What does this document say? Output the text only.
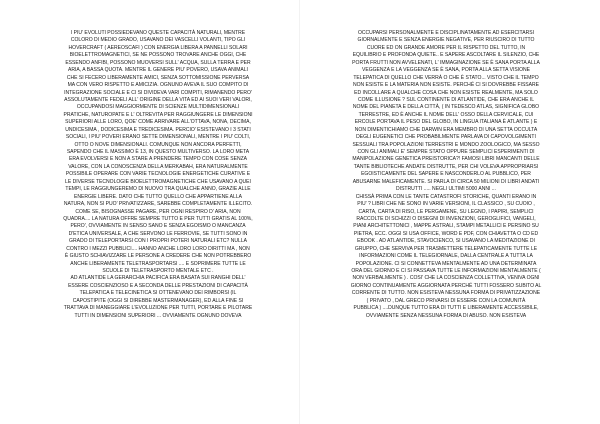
I PIU' EVOLUTI POSSIEDEVANO QUESTE CAPACITÀ NATURALI, MENTRE
COLORO DI MEDIO GRADO, USAVANO DEI VASCELLI VOLANTI, TIPO GLI
HOVERCRAFT ( AEREOSCAFI ) CON ENERGIA LIBERA A PANNELLI SOLARI
BIOELETTROMAGNETICI, SE NE POSSONO TROVARE ANCHE OGGI, CHE
ESSENDO ANFIBI, POSSONO MUOVERSI SULL' ACQUA, SULLA TERRA E PER
ARIA, A BASSA QUOTA. MENTRE IL GENERE PIU' POVERO, USAVA ANIMALI
CHE SI FECERO LIBERAMENTE AMICI, SENZA SOTTOMISSIONE PERVERSA
MA CON VERO RISPETTO E AMICIZIA. OGNUNO AVEVA IL SUO COMPITO DI
INTEGRAZIONE SOCIALE E CI SI DIVIDEVA VARI COMPITI, RIMANENDO PERO'
ASSOLUTAMENTE FEDELI ALL' ORIGINE DELLA VITA ED AI SUOI VERI VALORI,
OCCUPANDOSI MAGGIORMENTE DI SCIENZE MULTIDIMENSIONALI
PRATICHE, NATUROPATE E L' OLTREVITA PER RAGGIUNGERE LE DIMENSIONI
SUPERIORI ALLE LORO, QOE' COME ARRIVARE ALL'OTTAVA, NONA, DECIMA,
UNDICESIMA , DODICESIMA E TREDICESIMA. PERCIO' ESISTEVANO I 3 STATI
SOCIALI, I PIU' POVERI ERANO SETTE DIMENSIONALI, MENTRE I PIU' COLTI,
OTTO O NOVE DIMENSIONALI. COMUNQUE NON ANCORA PERFETTI,
SAPENDO CHE IL MASSIMO È 13, IN QUESTO MULTIVERSO. LA LORO META
ERA EVOLVERSI E NON A STARE A PRENDERE TEMPO CON COSE SENZA
VALORE, CON LA CONOSCENZA DELLA MERKABAH, ERA NATURALMENTE
POSSIBILE OPERARE CON VARIE TECNOLOGIE ENERGETICHE CURATIVE E
LE DIVERSE TECNOLOGIE BIOELETTROMAGNETICHE CHE USAVANO A QUEI
TEMPI, LE RAGGIUNGEREMO DI NUOVO TRA QUALCHE ANNO, GRAZIE ALLE
ENERGIE LIBERE. DATO CHE TUTTO QUELLO CHE APPARTIENE ALLA
NATURA, NON SI PUO' PRIVATIZZARE, SAREBBE COMPLETAMENTE ILLECITO.
COME SE, BISOGNASSE PAGARE, PER OGNI RESPIRO D' ARIA, NON
QUADRA.... LA NATURA OFFRE SEMPRE TUTTO E PER TUTTI GRATIS AL 100%,
PERO', OVVIAMENTE IN SENSO SANO E SENZA EGOISMO O MANCANZA
D'ETICA UNIVERSALE, A CHE SERVONO LE FERROVIE, SE TUTTI SONO IN
GRADO DI TELEPORTARSI CON I PROPRI POTERI NATURALI ETC? NULLA
CONTRO I MEZZI PUBBLICI.... HANNO ANCHE LORO LORO DIRITTI MA , NON
È GIUSTO SCHIAVIZZARE LE PERSONE A CREDERE CHE NON POTREBBERO
ANCHE LIBERAMENTE TELETRASPORTARSI .... E SOPRIMERE TUTTE LE
SCUOLE DI TELETRASPORTO MENTALE ETC .
AD ATLANTIDE LA GERARCHIA PACIFICA ERA BASATA SUI RANGHI DELL'
ESSERE COSCIENZIOSO E A SECONDA DELLE PRESTAZIONI DI CAPACITÀ
TELEPATICA E TELECINETICA SI OTTENEVANO DEI RIMBORSI (IL
CAPOSTIPITE (OGGI SI DIREBBE MASTERMANAGER), ED ALLA FINE SI
TRATTAVA DI MANEGGIARE L'EVOLUZIONE PER TUTTI, PORTARE E PILOTARE
TUTTI IN DIMENSIONI SUPERIORI ... OVVIAMENTE OGNUNO DOVEVA
OCCUPARSI PERSONALMENTE E DISCIPLINATAMENTE AD ESERCITARSI
GIORNALMENTE E SENZA ENERGIE NEGATIVE, PER RIUSCIRO DI TUTTO
CUORE ED ON GRANDE AMORE PER IL RISPETTO DEL TUTTO, IN
EQUILIBRIO E PROFONDA QUIETE.. E SAPERE ASCOLTARE IL SILENZIO, CHE
PORTA FRUTTI NON AVVELENATI, L' IMMAGINAZIONE SE È SANA PORTA ALLA
VEGGENZA E LA VEGGENZA SE È SANA, PORTA ALLA SETTA VISIONE
TELEPATICA DI QUELLO CHE VERRÀ O CHE È STATO... VISTO CHE IL TEMPO
NON ESISTE E LA MATERIA NON ESISTE. PERCHÉ CI SI DOVREBBE FISSARE
ED INCOLLARE A QUALCHE COSA CHE NON ESISTE REALMENTE, MA SOLO
COME ILLUSIONE ? SUL CONTINENTE DI ATLANTIDE, CHE ERA ANCHE IL
NOME DEL PIANETA E DELLA CITTÀ, ( IN TEDESCO ATLAS, SIGNIFICA GLOBO
TERRESTRE, ED È ANCHE IL NOME DELL' OSSO DELLA CERVICALE, CUI
ERCOLE PORTAVA IL PESO DEL GLOBO, IN LINGUA ITALIANA È ATLANTE ) E
NON DIMENTICHIAMO CHE DARWIN ERA MEMBRO DI UNA SETTA OCCULTA
DEGLI EUGENETICI CHE PROBABILMENTE PARLAVA DI CAPOVOLGIMENTI
SESSUALI TRA POPOLAZIONI TERRESTRI E MONDO ZOOLOGICO, MA SESSO
CON GLI ANIMALI E' SEMPRE STATO OPPURE SEMPLICI ESPERIMENTI DI
MANIPOLAZIONE GENETICA PREISTORICA?! FAMOSI LIBRI MANCANTI DELLE
TANTE BIBLIOTECHE ANDATE DISTRUTTE, PER CHI VOLEVA APPROPRIARSI
EGOISTICAMENTE DEL SAPERE E NASCONDERLO AL PUBBLICO, PER
ABUSARNE MALEFICAMENTE. SI PARLA DI CIRCA 50 MILIONI DI LIBRI ANDATI
DISTRUTTI ..... NEGLI ULTIMI 5000 ANNI ...
CHISSÀ PRIMA CON LE TANTE CATASTROFI STORICHE, QUANTI ERANO IN
PIU' ? LIBRI CHE NE SONO IN VARIE VERSIONI, IL CLASSICO , SU CUOIO ,
CARTA, CARTA DI RISO, LE PERGAMENE, SU LEGNO, I PAPIRI, SEMPLICI
RACCOLTE DI SCHIZZI O DISEGNI DI INVENZIONI, GEROGLIFICI, VANGELI,
PIANI ARCHITETTONICI , MAPPE ASTRALI, STAMPI METALLICI E PERSINO SU
PIETRA, ECC. OGGI SI USA OFFICE, WORD E PDF, CON CHIAVETTA O CD ED
EBOOK . AD ATLANTIDE, STAVOCIENCO, SI USAVANO LA MEDITAZIONE DI
GRUPPO, CHE SERVIVA PER TRASMETTERE TELEPATICAMENTE TUTTE LE
INFORMAZIONI COME IL TELEGIORNALE, DALLA CENTRALE A TUTTA LA
POPOLAZIONE. CI SI CONNETTEVA MENTALMENTE AD UNA DETERMINATA
ORA DEL GIORNO E CI SI PASSAVA TUTTE LE INFORMAZIONI MENTALMENTE (
NON VERBALMENTE ) . COSI' CHE LA COSCIENZA COLLETTIVA, VENIVA OGNI
GIORNO CONTINUAMENTE AGGIORNATA PERCHÉ TUTTI FOSSERO SUBITO AL
CORRENTE DI TUTTO. NON ESISTEVA NESSUNA FORMA DI PRIVATIZZAZIONE
( PRIVATO , DAL GRECO PRIVARSI DI ESSERE CON LA COMUNITÀ
PUBBLICA ) ....DUNQUE TUTTO ERA DI TUTTI E LIBERAMENTE ACCESSIBILE,
OVVIAMENTE SENZA NESSUNA FORMA DI ABUSO. NON ESISTEVA
